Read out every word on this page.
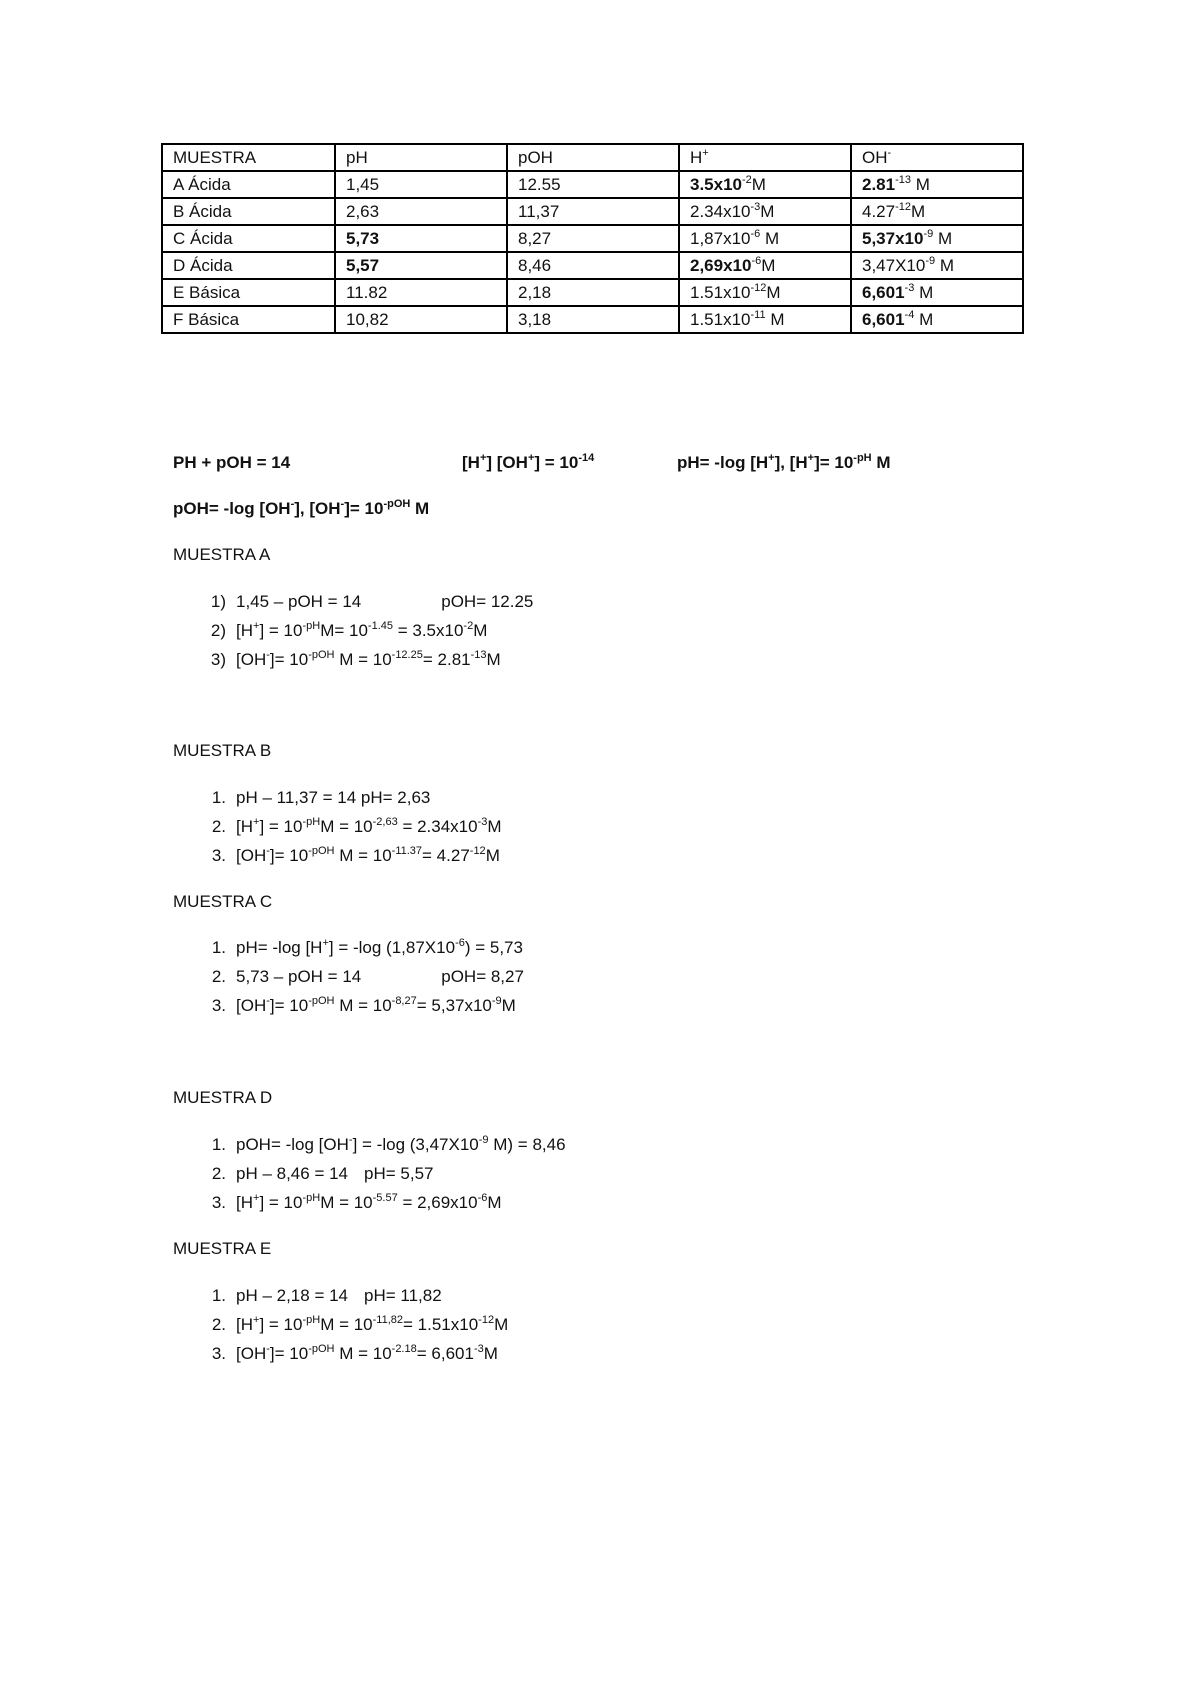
MUESTRA	pH	pOH	H+	OH-
A Ácida	1,45	12.55	$3.5x10^{-2}M$	$2.81^{-13}$ M
B Ácida	2,63	11,37	$2.34x10^{-3}M$	$4.27^{-12}M$
C Ácida	5,73	8,27	$1,87x10^{-6}$ M	$5,37x10^{-9}$ M
D Ácida	5,57	8,46	$2,69x10^{-6}M$	$3,47X10^{-9}$ M
E Básica	11.82	2,18	$1.51x10^{-12}M$	$6,601^{-3}$ M
F Básica	10,82	3,18	$1.51x10^{-11}$ M	$6,601^{-4}$ M
PH + pOH = 14	[H+] $[OH^+] = 10^{-14}$	pH= -log [H+], $[H^+]= 10^{-pH}$ M
pOH= -log [OH-], $[OH^-]= 10^{-pOH}$ M
MUESTRA A
1) 1,45 – pOH = 14	pOH= 12.25
2) $[H^+] = 10^{-pH}M= 10^{-1.45} = 3.5x10^{-2}M$
3) $[OH^-]= 10^{-pOH}$ $M = 10^{-12.25}= 2.81^{-13}M$
MUESTRA B
1. pH – 11,37 = 14 pH= 2,63
2. $[H^+] = 10^{-pH}M = 10^{-2,63} = 2.34x10^{-3}M$
3. $[OH^-]= 10^{-pOH}$ $M = 10^{-11.37}= 4.27^{-12}M$
MUESTRA C
1. pH= -log [H+] = -log $(1,87X10^{-6}) = 5,73$
2. 5,73 – pOH = 14	pOH= 8,27
3. $[OH^-]= 10^{-pOH}$ $M = 10^{-8,27}= 5,37x10^{-9}M$
MUESTRA D
1. pOH= -log [OH-] = -log ($3,47X10^{-9}$ M) = 8,46
2. pH – 8,46 = 14 pH= 5,57
3. $[H^+] = 10^{-pH}M = 10^{-5.57} = 2,69x10^{-6}M$
MUESTRA E
1. pH – 2,18 = 14 pH= 11,82
2. $[H^+] = 10^{-pH}M = 10^{-11,82}= 1.51x10^{-12}M$
3. $[OH^-]= 10^{-pOH}$ $M = 10^{-2.18}= 6,601^{-3}M$
